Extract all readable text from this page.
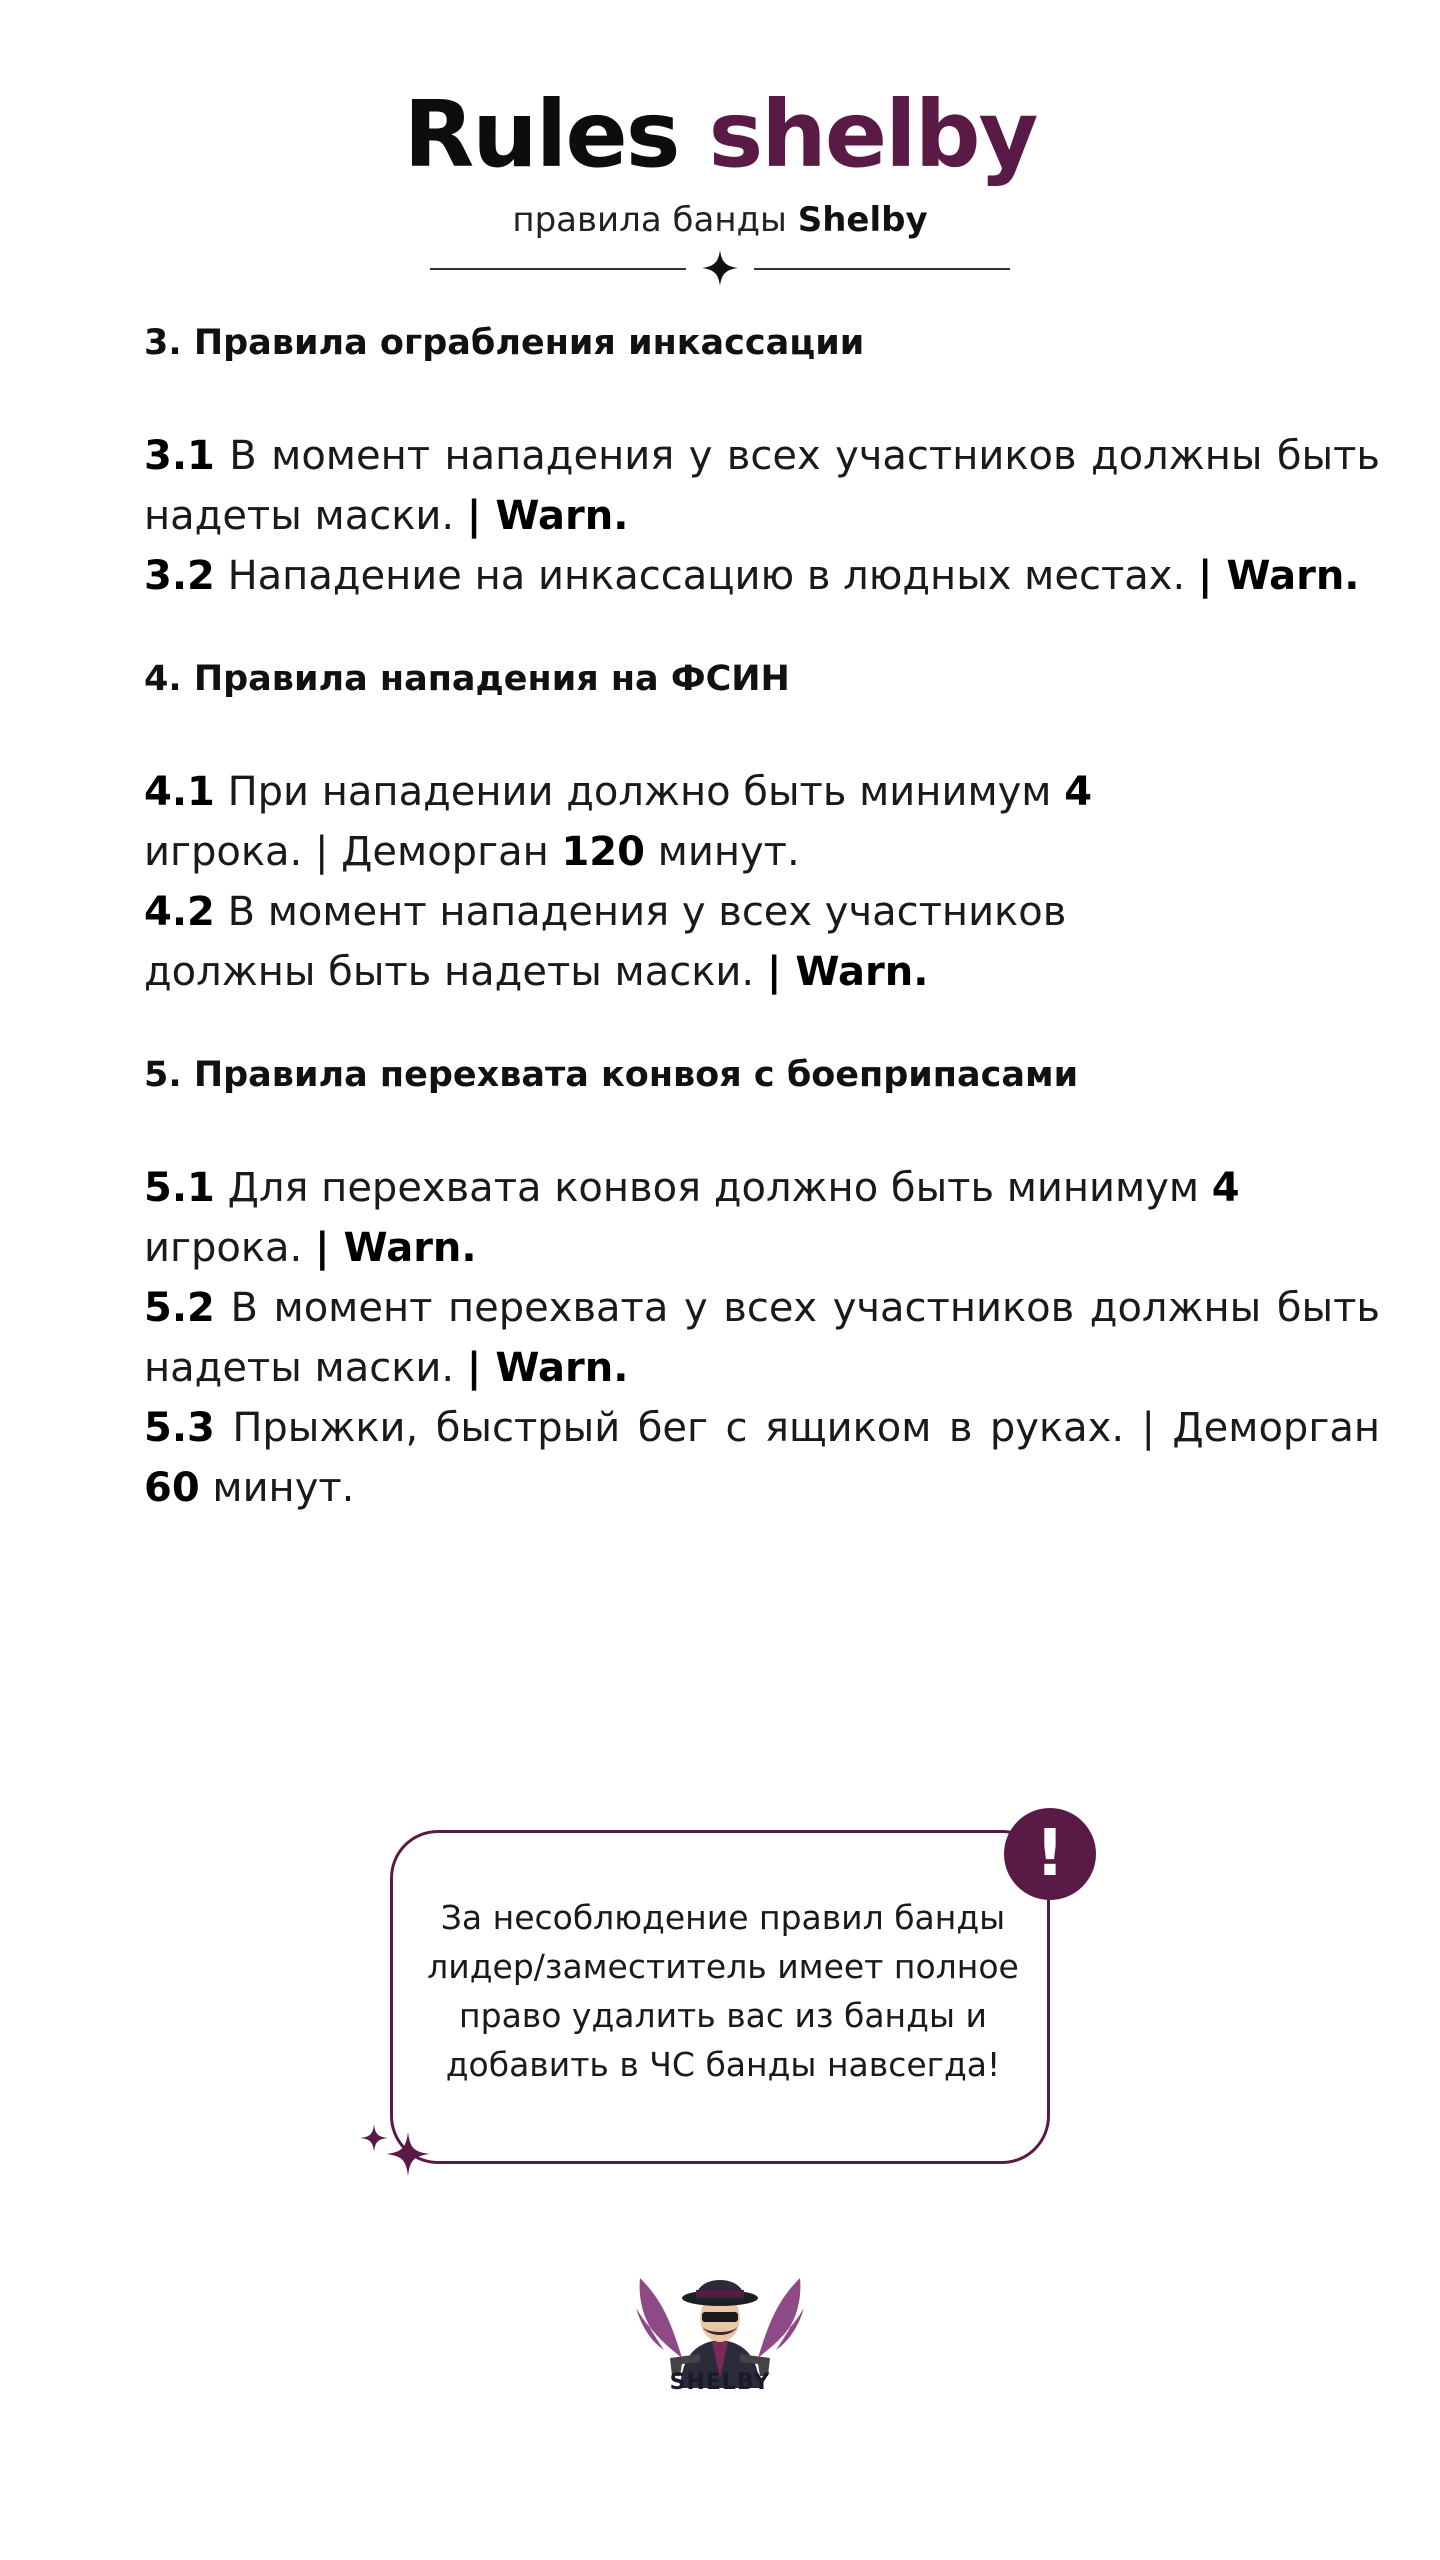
Rules shelby
правила банды Shelby
3. Правила ограбления инкассации

3.1 В момент нападения у всех участников должны быть надеты маски. | Warn.

3.2 Нападение на инкассацию в людных местах. | Warn.

4. Правила нападения на ФСИН

4.1 При нападении должно быть минимум 4 игрока. | Деморган 120 минут.

4.2 В момент нападения у всех участников должны быть надеты маски. | Warn.

5. Правила перехвата конвоя с боеприпасами

5.1 Для перехвата конвоя должно быть минимум 4 игрока. | Warn.

5.2 В момент перехвата у всех участников должны быть надеты маски. | Warn.

5.3 Прыжки, быстрый бег с ящиком в руках. | Деморган 60 минут.

За несоблюдение правил банды лидер/заместитель имеет полное право удалить вас из банды и добавить в ЧС банды навсегда!
!
SHELBY
